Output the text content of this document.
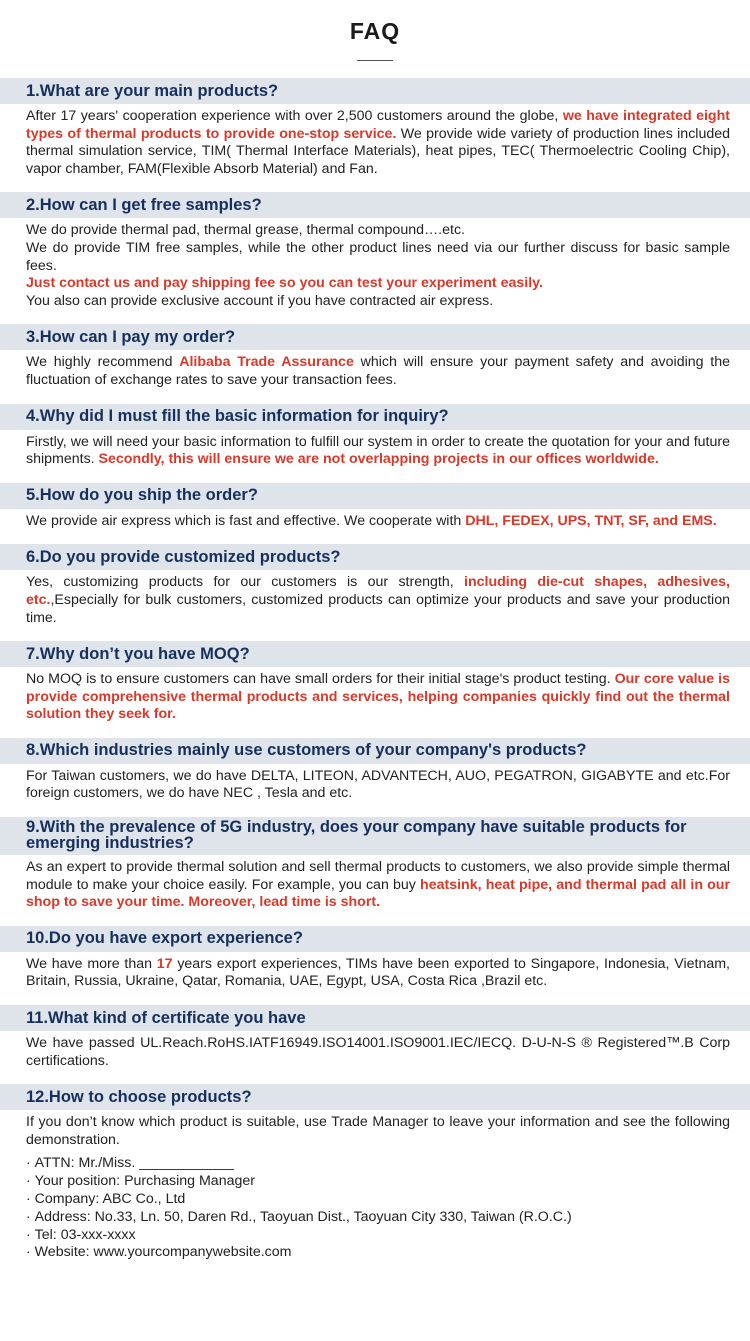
FAQ
1.What are your main products?
After 17 years' cooperation experience with over 2,500 customers around the globe, we have integrated eight types of thermal products to provide one-stop service. We provide wide variety of production lines included thermal simulation service, TIM( Thermal Interface Materials), heat pipes, TEC( Thermoelectric Cooling Chip), vapor chamber, FAM(Flexible Absorb Material) and Fan.
2.How can I get free samples?
We do provide thermal pad, thermal grease, thermal compound….etc.
We do provide TIM free samples, while the other product lines need via our further discuss for basic sample fees.
Just contact us and pay shipping fee so you can test your experiment easily.
You also can provide exclusive account if you have contracted air express.
3.How can I pay my order?
We highly recommend Alibaba Trade Assurance which will ensure your payment safety and avoiding the fluctuation of exchange rates to save your transaction fees.
4.Why did I must fill the basic information for inquiry?
Firstly, we will need your basic information to fulfill our system in order to create the quotation for your and future shipments. Secondly, this will ensure we are not overlapping projects in our offices worldwide.
5.How do you ship the order?
We provide air express which is fast and effective. We cooperate with DHL, FEDEX, UPS, TNT, SF, and EMS.
6.Do you provide customized products?
Yes, customizing products for our customers is our strength, including die-cut shapes, adhesives, etc.,Especially for bulk customers, customized products can optimize your products and save your production time.
7.Why don’t you have MOQ?
No MOQ is to ensure customers can have small orders for their initial stage's product testing. Our core value is provide comprehensive thermal products and services, helping companies quickly find out the thermal solution they seek for.
8.Which industries mainly use customers of your company's products?
For Taiwan customers, we do have DELTA, LITEON, ADVANTECH, AUO, PEGATRON, GIGABYTE and etc.For foreign customers, we do have NEC , Tesla and etc.
9.With the prevalence of 5G industry, does your company have suitable products for emerging industries?
As an expert to provide thermal solution and sell thermal products to customers, we also provide simple thermal module to make your choice easily. For example, you can buy heatsink, heat pipe, and thermal pad all in our shop to save your time. Moreover, lead time is short.
10.Do you have export experience?
We have more than 17 years export experiences, TIMs have been exported to Singapore, Indonesia, Vietnam, Britain, Russia, Ukraine, Qatar, Romania, UAE, Egypt, USA, Costa Rica ,Brazil etc.
11.What kind of certificate you have
We have passed UL.Reach.RoHS.IATF16949.ISO14001.ISO9001.IEC/IECQ. D-U-N-S ® Registered™.B Corp certifications.
12.How to choose products?
If you don’t know which product is suitable, use Trade Manager to leave your information and see the following demonstration.
· ATTN: Mr./Miss. ____________
· Your position: Purchasing Manager
· Company: ABC Co., Ltd
· Address: No.33, Ln. 50, Daren Rd., Taoyuan Dist., Taoyuan City 330, Taiwan (R.O.C.)
· Tel: 03-xxx-xxxx
· Website: www.yourcompanywebsite.com
